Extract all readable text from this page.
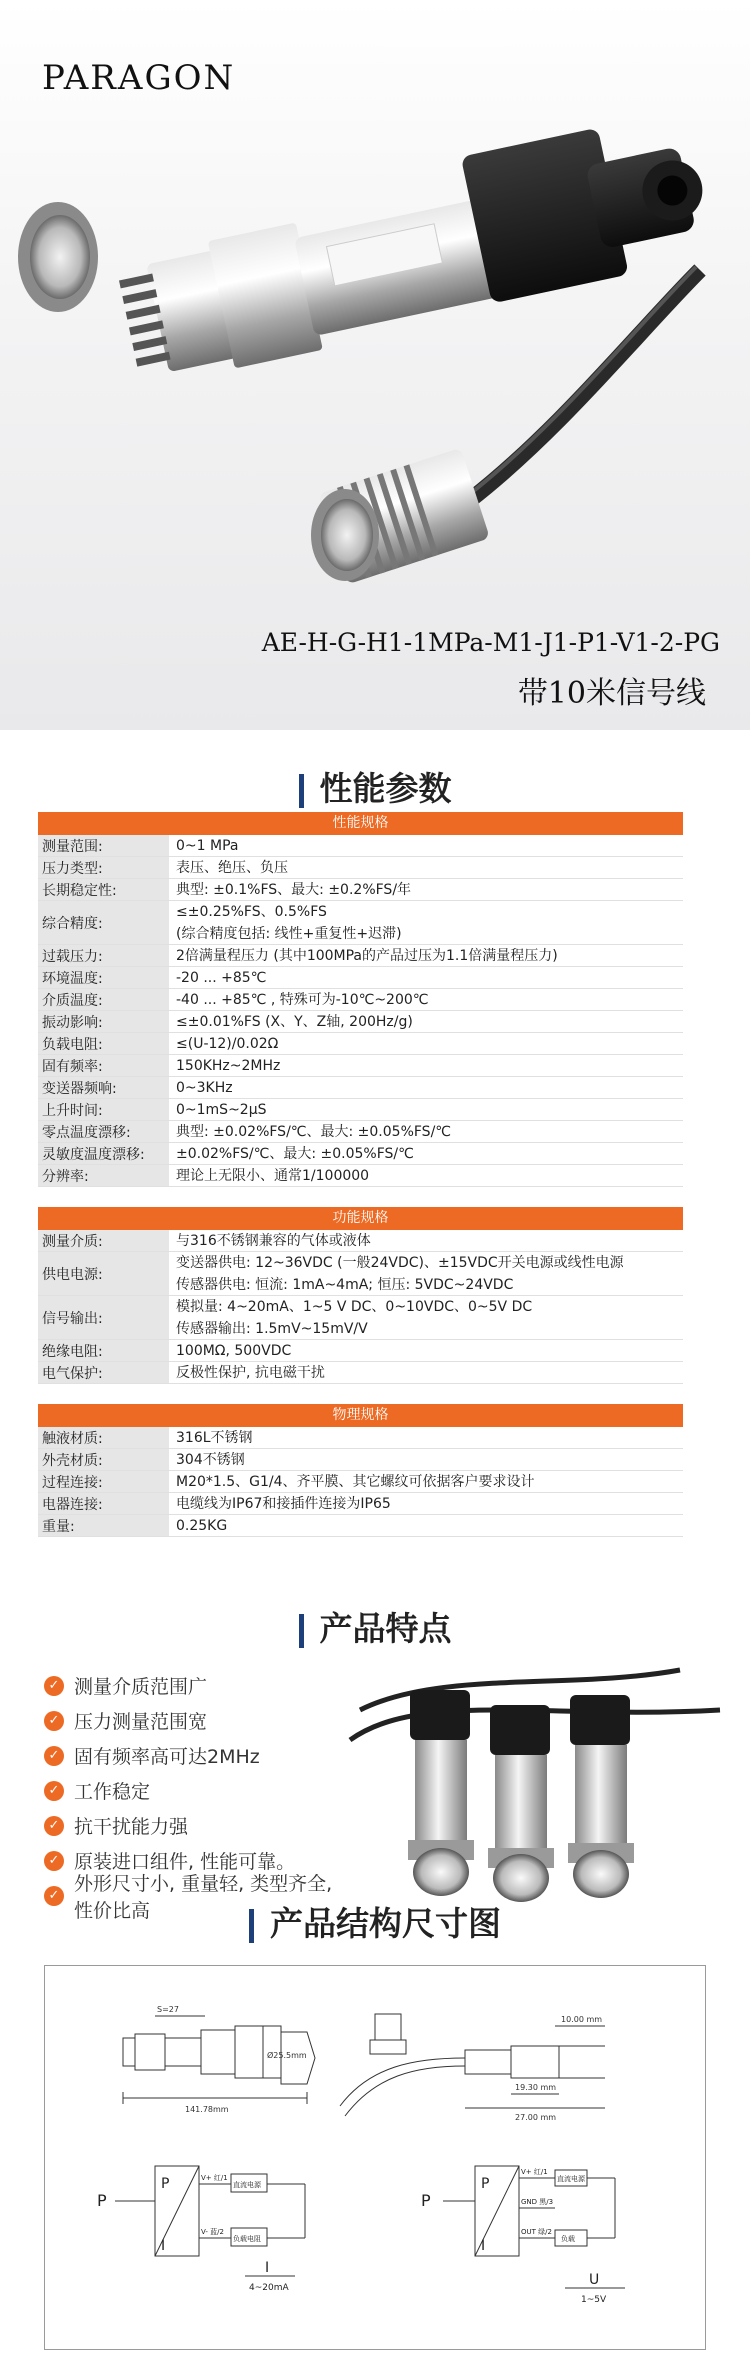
PARAGON
AE-H-G-H1-1MPa-M1-J1-P1-V1-2-PG
带10米信号线
性能参数
性能规格
测量范围:	0~1 MPa
压力类型:	表压、绝压、负压
长期稳定性:	典型: ±0.1%FS、最大: ±0.2%FS/年
综合精度:
≤±0.25%FS、0.5%FS
(综合精度包括: 线性+重复性+迟滞)
过载压力:	2倍满量程压力 (其中100MPa的产品过压为1.1倍满量程压力)
环境温度:	-20 ... +85℃
介质温度:	-40 ... +85℃ , 特殊可为-10℃~200℃
振动影响:	≤±0.01%FS (X、Y、Z轴, 200Hz/g)
负载电阻:	≤(U-12)/0.02Ω
固有频率:	150KHz~2MHz
变送器频响:	0~3KHz
上升时间:	0~1mS~2μS
零点温度漂移:	典型: ±0.02%FS/℃、最大: ±0.05%FS/℃
灵敏度温度漂移:	±0.02%FS/℃、最大: ±0.05%FS/℃
分辨率:	理论上无限小、通常1/100000
功能规格
测量介质:	与316不锈钢兼容的气体或液体
供电电源:
变送器供电: 12~36VDC (一般24VDC)、±15VDC开关电源或线性电源
传感器供电: 恒流: 1mA~4mA; 恒压: 5VDC~24VDC
信号输出:
模拟量: 4~20mA、1~5 V DC、0~10VDC、0~5V DC
传感器输出: 1.5mV~15mV/V
绝缘电阻:	100MΩ, 500VDC
电气保护:	反极性保护, 抗电磁干扰
物理规格
触液材质:	316L不锈钢
外壳材质:	304不锈钢
过程连接:	M20*1.5、G1/4、齐平膜、其它螺纹可依据客户要求设计
电器连接:	电缆线为IP67和接插件连接为IP65
重量:	0.25KG
产品特点
✓ 测量介质范围广
✓ 压力测量范围宽
✓ 固有频率高可达2MHz
✓ 工作稳定
✓ 抗干扰能力强
✓ 原装进口组件, 性能可靠。
✓
外形尺寸小, 重量轻, 类型齐全, 性价比高	产品结构尺寸图
S=27
141.78mm
Ø25.5mm
19.30 mm
27.00 mm
10.00 mm
P
P
I
V+ 红/1
V- 蓝/2
直流电源
负载电阻
I
4~20mA
P
P
I
V+ 红/1
GND 黑/3
OUT 绿/2
直流电源
负载
U
1~5V
